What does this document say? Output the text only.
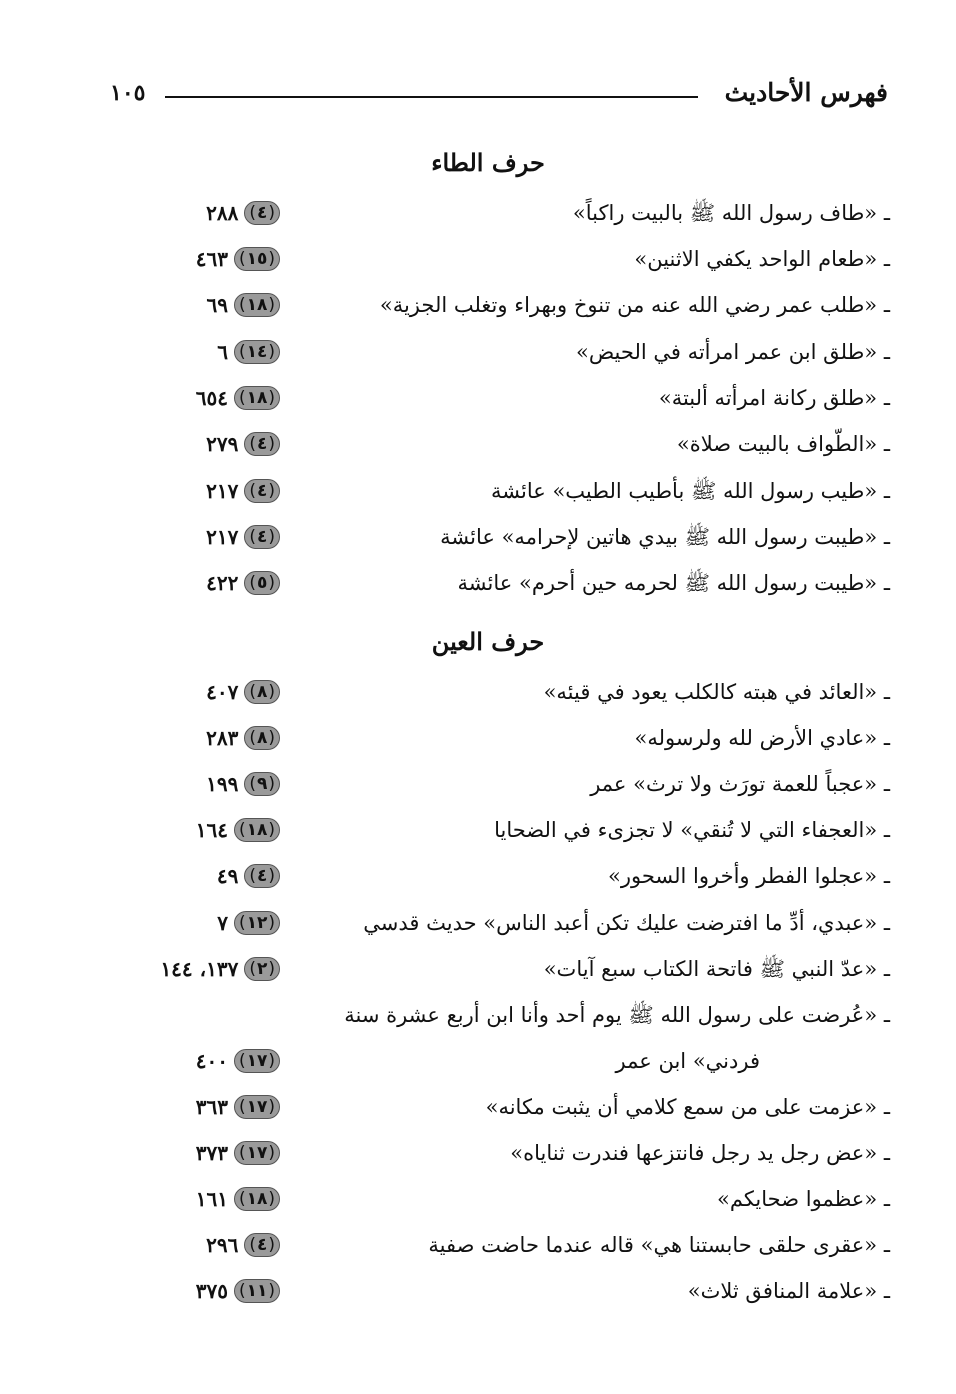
فهرس الأحاديث
١٠٥
حرف الطاء
ـ «طاف رسول الله ﷺ بالبيت راكباً»
٢٨٨	( ٤ )
ـ «طعام الواحد يكفي الاثنين»
٤٦٣	( ١٥ )
ـ «طلب عمر رضي الله عنه من تنوخ وبهراء وتغلب الجزية»
٦٩	( ١٨ )
ـ «طلق ابن عمر امرأته في الحيض»
٦	( ١٤ )
ـ «طلق ركانة امرأته ألبتة»
٦٥٤	( ١٨ )
ـ «الطّواف بالبيت صلاة»
٢٧٩	( ٤ )
ـ «طيب رسول الله ﷺ بأطيب الطيب» عائشة
٢١٧	( ٤ )
ـ «طيبت رسول الله ﷺ بيدي هاتين لإحرامه» عائشة
٢١٧	( ٤ )
ـ «طيبت رسول الله ﷺ لحرمه حين أحرم» عائشة
٤٢٢	( ٥ )
حرف العين
ـ «العائد في هبته كالكلب يعود في قيئه»
٤٠٧	( ٨ )
ـ «عادي الأرض لله ولرسوله»
٢٨٣	( ٨ )
ـ «عجباً للعمة تورَث ولا ترث» عمر
١٩٩	( ٩ )
ـ «العجفاء التي لا تُنقي» لا تجزىء في الضحايا
١٦٤	( ١٨ )
ـ «عجلوا الفطر وأخروا السحور»
٤٩	( ٤ )
ـ «عبدي، أدِّ ما افترضت عليك تكن أعبد الناس» حديث قدسي
٧	( ١٢ )
ـ «عدّ النبي ﷺ فاتحة الكتاب سبع آيات»
١٣٧، ١٤٤	( ٢ )
ـ «عُرضت على رسول الله ﷺ يوم أحد وأنا ابن أربع عشرة سنة
فردني» ابن عمر
٤٠٠	( ١٧ )
ـ «عزمت على من سمع كلامي أن يثبت مكانه»
٣٦٣	( ١٧ )
ـ «عض رجل يد رجل فانتزعها فندرت ثناياه»
٣٧٣	( ١٧ )
ـ «عظموا ضحايكم»
١٦١	( ١٨ )
ـ «عقرى حلقى حابستنا هي» قاله عندما حاضت صفية
٢٩٦	( ٤ )
ـ «علامة المنافق ثلاث»
٣٧٥	( ١١ )
